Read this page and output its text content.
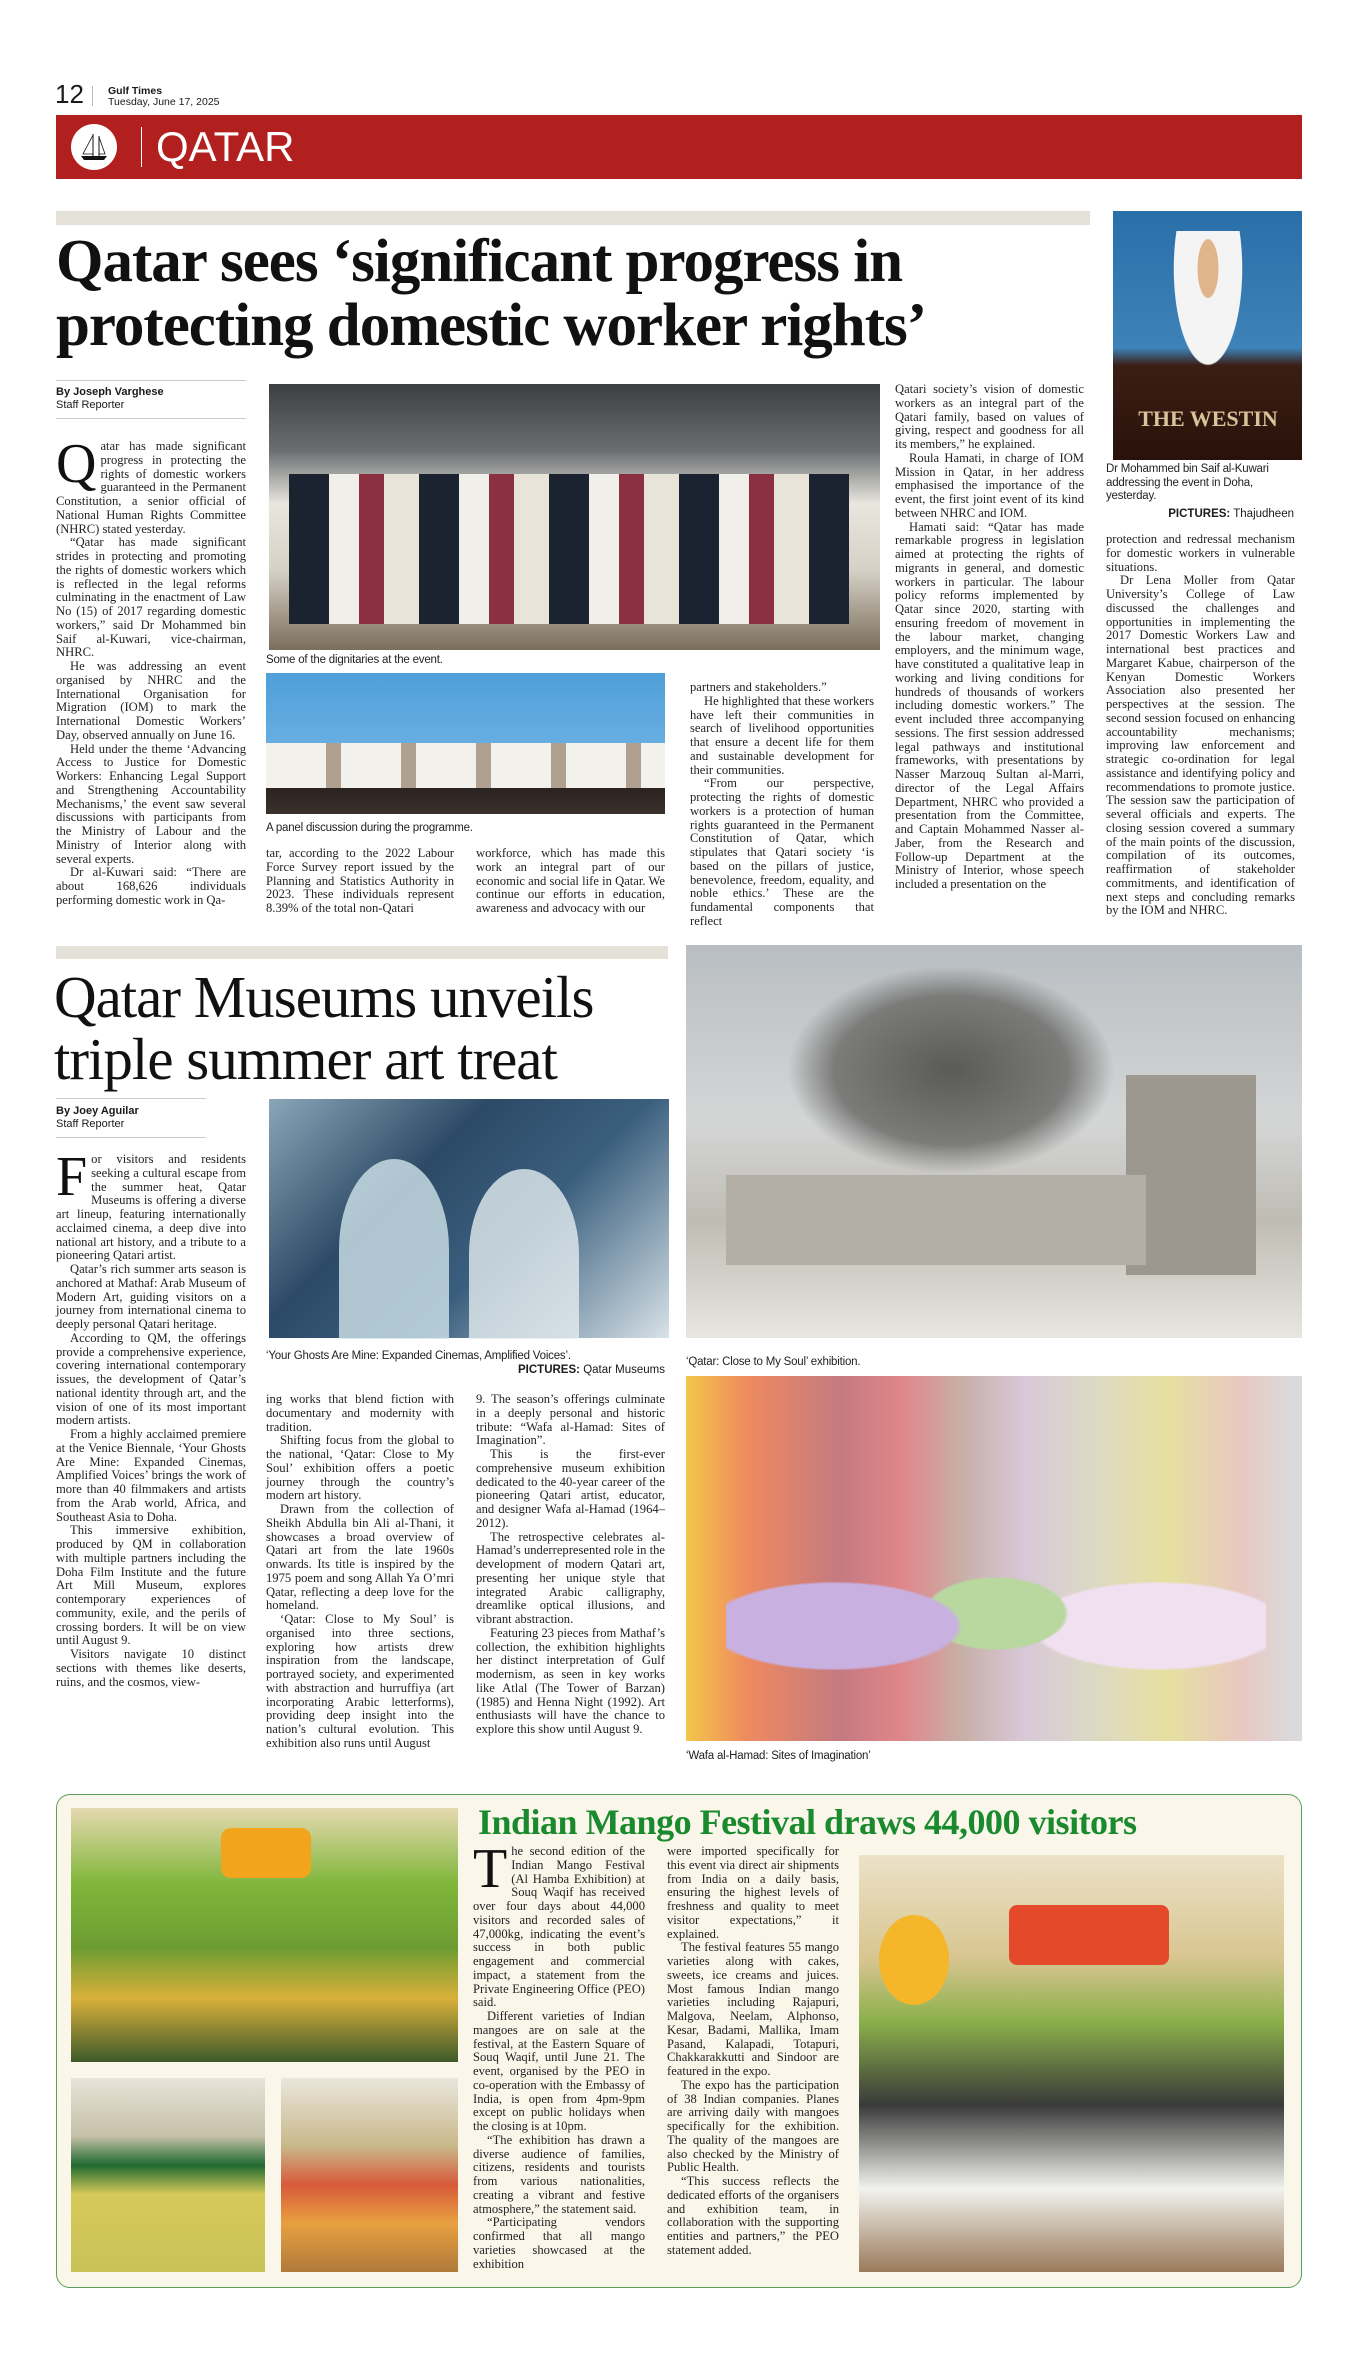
12 Gulf Times
Tuesday, June 17, 2025
QATAR
Qatar sees ‘significant progress in
protecting domestic worker rights’
THE WESTIN
Dr Mohammed bin Saif al-Kuwari addressing the event in Doha, yesterday.
PICTURES: Thajudheen
By Joseph Varghese
Staff Reporter

Qatar has made significant progress in protecting the rights of domestic workers guaranteed in the Permanent Constitution, a senior official of National Human Rights Committee (NHRC) stated yesterday.

“Qatar has made significant strides in protecting and promoting the rights of domestic workers which is reflected in the legal reforms culminating in the enactment of Law No (15) of 2017 regarding domestic workers,” said Dr Mohammed bin Saif al-Kuwari, vice-chairman, NHRC.

He was addressing an event organised by NHRC and the International Organisation for Migration (IOM) to mark the International Domestic Workers’ Day, observed annually on June 16.

Held under the theme ‘Advancing Access to Justice for Domestic Workers: Enhancing Legal Support and Strengthening Accountability Mechanisms,’ the event saw several discussions with participants from the Ministry of Labour and the Ministry of Interior along with several experts.

Dr al-Kuwari said: “There are about 168,626 individuals performing domestic work in Qa-

Some of the dignitaries at the event.
A panel discussion during the programme.

tar, according to the 2022 Labour Force Survey report issued by the Planning and Statistics Authority in 2023. These individuals represent 8.39% of the total non-Qatari

workforce, which has made this work an integral part of our economic and social life in Qatar. We continue our efforts in education, awareness and advocacy with our

partners and stakeholders.”

He highlighted that these workers have left their communities in search of livelihood opportunities that ensure a decent life for them and sustainable development for their communities.

“From our perspective, protecting the rights of domestic workers is a protection of human rights guaranteed in the Permanent Constitution of Qatar, which stipulates that Qatari society ‘is based on the pillars of justice, benevolence, freedom, equality, and noble ethics.’ These are the fundamental components that reflect

Qatari society’s vision of domestic workers as an integral part of the Qatari family, based on values of giving, respect and goodness for all its members,” he explained.

Roula Hamati, in charge of IOM Mission in Qatar, in her address emphasised the importance of the event, the first joint event of its kind between NHRC and IOM.

Hamati said: “Qatar has made remarkable progress in legislation aimed at protecting the rights of migrants in general, and domestic workers in particular. The labour policy reforms implemented by Qatar since 2020, starting with ensuring freedom of movement in the labour market, changing employers, and the minimum wage, have constituted a qualitative leap in working and living conditions for hundreds of thousands of workers including domestic workers.” The event included three accompanying sessions. The first session addressed legal pathways and institutional frameworks, with presentations by Nasser Marzouq Sultan al-Marri, director of the Legal Affairs Department, NHRC who provided a presentation from the Committee, and Captain Mohammed Nasser al-Jaber, from the Research and Follow-up Department at the Ministry of Interior, whose speech included a presentation on the

protection and redressal mechanism for domestic workers in vulnerable situations.

Dr Lena Moller from Qatar University’s College of Law discussed the challenges and opportunities in implementing the 2017 Domestic Workers Law and international best practices and Margaret Kabue, chairperson of the Kenyan Domestic Workers Association also presented her perspectives at the session. The second session focused on enhancing accountability mechanisms; improving law enforcement and strategic co-ordination for legal assistance and identifying policy and recommendations to promote justice. The session saw the participation of several officials and experts. The closing session covered a summary of the main points of the discussion, compilation of its outcomes, reaffirmation of stakeholder commitments, and identification of next steps and concluding remarks by the IOM and NHRC.

Qatar Museums unveils
triple summer art treat
By Joey Aguilar
Staff Reporter

For visitors and residents seeking a cultural escape from the summer heat, Qatar Museums is offering a diverse art lineup, featuring internationally acclaimed cinema, a deep dive into national art history, and a tribute to a pioneering Qatari artist.

Qatar’s rich summer arts season is anchored at Mathaf: Arab Museum of Modern Art, guiding visitors on a journey from international cinema to deeply personal Qatari heritage.

According to QM, the offerings provide a comprehensive experience, covering international contemporary issues, the development of Qatar’s national identity through art, and the vision of one of its most important modern artists.

From a highly acclaimed premiere at the Venice Biennale, ‘Your Ghosts Are Mine: Expanded Cinemas, Amplified Voices’ brings the work of more than 40 filmmakers and artists from the Arab world, Africa, and Southeast Asia to Doha.

This immersive exhibition, produced by QM in collaboration with multiple partners including the Doha Film Institute and the future Art Mill Museum, explores contemporary experiences of community, exile, and the perils of crossing borders. It will be on view until August 9.

Visitors navigate 10 distinct sections with themes like deserts, ruins, and the cosmos, view-

‘Your Ghosts Are Mine: Expanded Cinemas, Amplified Voices’.
PICTURES: Qatar Museums

ing works that blend fiction with documentary and modernity with tradition.

Shifting focus from the global to the national, ‘Qatar: Close to My Soul’ exhibition offers a poetic journey through the country’s modern art history.

Drawn from the collection of Sheikh Abdulla bin Ali al-Thani, it showcases a broad overview of Qatari art from the late 1960s onwards. Its title is inspired by the 1975 poem and song Allah Ya O’mri Qatar, reflecting a deep love for the homeland.

‘Qatar: Close to My Soul’ is organised into three sections, exploring how artists drew inspiration from the landscape, portrayed society, and experimented with abstraction and hurruffiya (art incorporating Arabic letterforms), providing deep insight into the nation’s cultural evolution. This exhibition also runs until August

9. The season’s offerings culminate in a deeply personal and historic tribute: “Wafa al-Hamad: Sites of Imagination”.

This is the first-ever comprehensive museum exhibition dedicated to the 40-year career of the pioneering Qatari artist, educator, and designer Wafa al-Hamad (1964–2012).

The retrospective celebrates al-Hamad’s underrepresented role in the development of modern Qatari art, presenting her unique style that integrated Arabic calligraphy, dreamlike optical illusions, and vibrant abstraction.

Featuring 23 pieces from Mathaf’s collection, the exhibition highlights her distinct interpretation of Gulf modernism, as seen in key works like Atlal (The Tower of Barzan) (1985) and Henna Night (1992). Art enthusiasts will have the chance to explore this show until August 9.

‘Qatar: Close to My Soul’ exhibition.
‘Wafa al-Hamad: Sites of Imagination’
Indian Mango Festival draws 44,000 visitors

The second edition of the Indian Mango Festival (Al Hamba Exhibition) at Souq Waqif has received over four days about 44,000 visitors and recorded sales of 47,000kg, indicating the event’s success in both public engagement and commercial impact, a statement from the Private Engineering Office (PEO) said.

Different varieties of Indian mangoes are on sale at the festival, at the Eastern Square of Souq Waqif, until June 21. The event, organised by the PEO in co-operation with the Embassy of India, is open from 4pm-9pm except on public holidays when the closing is at 10pm.

“The exhibition has drawn a diverse audience of families, citizens, residents and tourists from various nationalities, creating a vibrant and festive atmosphere,” the statement said.

“Participating vendors confirmed that all mango varieties showcased at the exhibition

were imported specifically for this event via direct air shipments from India on a daily basis, ensuring the highest levels of freshness and quality to meet visitor expectations,” it explained.

The festival features 55 mango varieties along with cakes, sweets, ice creams and juices. Most famous Indian mango varieties including Rajapuri, Malgova, Neelam, Alphonso, Kesar, Badami, Mallika, Imam Pasand, Kalapadi, Totapuri, Chakkarakkutti and Sindoor are featured in the expo.

The expo has the participation of 38 Indian companies. Planes are arriving daily with mangoes specifically for the exhibition. The quality of the mangoes are also checked by the Ministry of Public Health.

“This success reflects the dedicated efforts of the organisers and exhibition team, in collaboration with the supporting entities and partners,” the PEO statement added.
